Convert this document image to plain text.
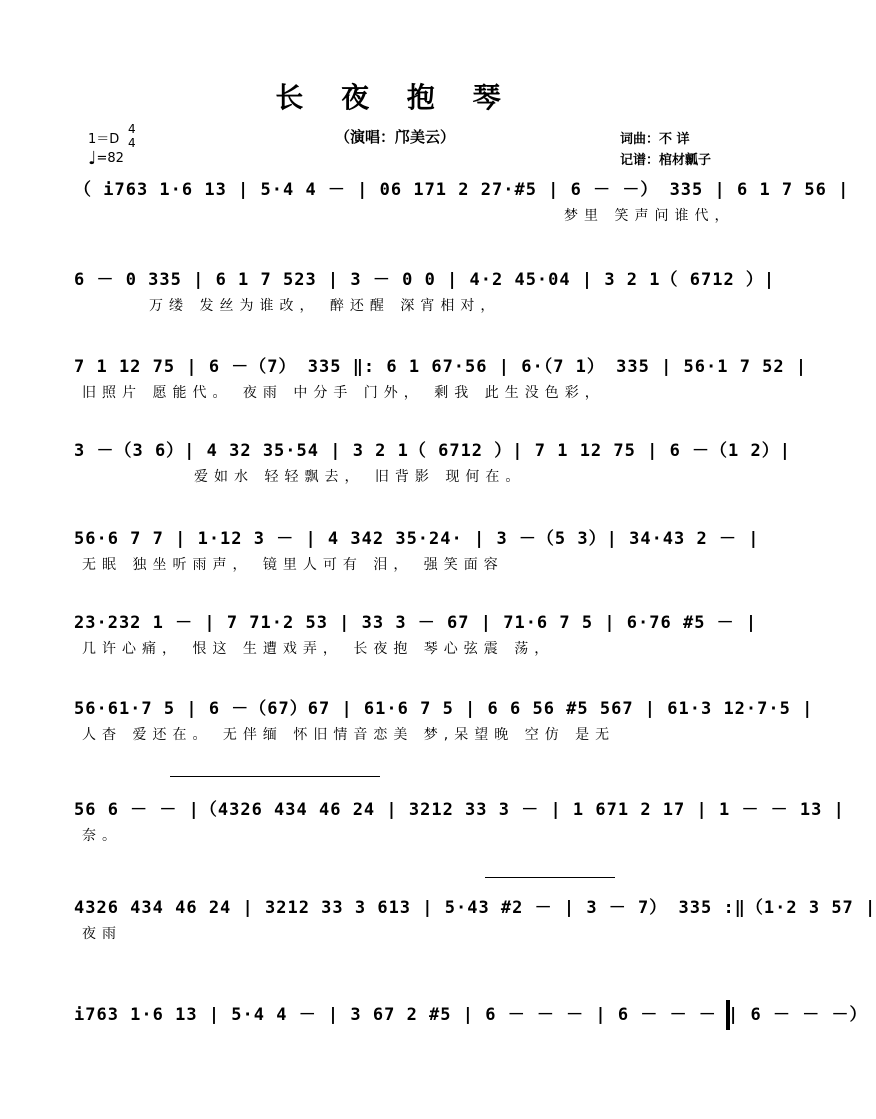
长 夜 抱 琴
（演唱：邝美云）	词曲：不 详
记谱：棺材瓤子
1＝D
4
4
♩=82
（ i763 1·6 13 | 5·4 4 － | 06 171 2 27·#5 | 6 － －） 335 | 6 1 7 56 |
梦里 笑声问谁代，
6 － 0 335 | 6 1 7 523 | 3 － 0 0 | 4·2 45·04 | 3 2 1（ 6712 ）|
万缕 发丝为谁改， 醉还醒 深宵相对，
7 1 12 75 | 6 －（7） 335 ‖: 6 1 67·56 | 6·（7 1） 335 | 56·1 7 52 |
旧照片 愿能代。 夜雨 中分手 门外， 剩我 此生没色彩，
3 －（3 6）| 4 32 35·54 | 3 2 1（ 6712 ）| 7 1 12 75 | 6 －（1 2）|
爱如水 轻轻飘去， 旧背影 现何在。
56·6 7 7 | 1·12 3 － | 4 342 35·24· | 3 －（5 3）| 34·43 2 － |
无眠 独坐听雨声， 镜里人可有 泪， 强笑面容
23·232 1 － | 7 71·2 53 | 33 3 － 67 | 71·6 7 5 | 6·76 #5 － |
几许心痛， 恨这 生遭戏弄， 长夜抱 琴心弦震 荡，
56·61·7 5 | 6 －（67）67 | 61·6 7 5 | 6 6 56 #5 567 | 61·3 12·7·5 |
人杳 爱还在。 无伴缅 怀旧情音恋美 梦,呆望晚 空仿 是无
56 6 － － |（4326 434 46 24 | 3212 33 3 － | 1 671 2 17 | 1 － － 13 |
奈。
4326 434 46 24 | 3212 33 3 613 | 5·43 #2 － | 3 － 7） 335 :‖（1·2 3 57 |
夜雨
i763 1·6 13 | 5·4 4 － | 3 67 2 #5 | 6 － － － | 6 － － － | 6 － － －）
